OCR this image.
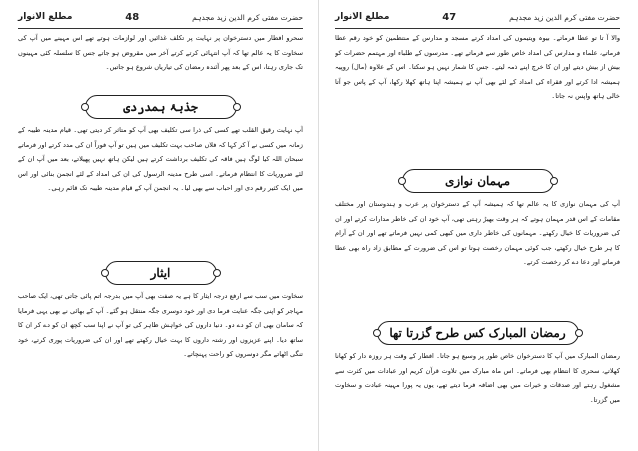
حضرت مفتی کرم الدین زید مجدہم
48
مطلع الانوار

سحرو افطار میں دسترخوان پر نہایت پر تکلف غذائیں اور لوازمات ہوتے تھے اس مہینے میں آپ کی سخاوت کا یہ عالم تھا کہ آپ انتہائی کرتے کرتے آخر میں مقروض ہو جاتے جس کا سلسلہ کئی مہینوں تک جاری رہتا، اس کے بعد پھر آئندہ رمضان کی تیاریاں شروع ہو جاتیں۔

جذبۂ ہمدردی

آپ نہایت رقیق القلب تھے کسی کی ذرا سی تکلیف بھی آپ کو متاثر کر دیتی تھی۔ قیام مدینہ طیبہ کے زمانہ میں کسی نے آ کر کہا کہ فلاں صاحب بہت تکلیف میں ہیں تو آپ فوراً ان کی مدد کرتے اور فرماتے سبحان اللہ کیا لوگ ہیں فاقہ کی تکلیف برداشت کرتے ہیں لیکن ہاتھ نہیں پھیلاتے، بعد میں آپ ان کے لئے ضروریات کا انتظام فرماتے۔ اسی طرح مدینہ الرسول کی ان کی امداد کے لئے انجمن بنائی اور اس میں ایک کثیر رقم دی اور احباب سے بھی لیا۔ یہ انجمن آپ کے قیام مدینہ طیبہ تک قائم رہی۔

ایثار

سخاوت میں سب سے ارفع درجہ ایثار کا ہے یہ صفت بھی آپ میں بدرجہ اتم پائی جاتی تھی، ایک صاحب مہاجر کو اپنی جگہ عنایت فرما دی اور خود دوسری جگہ منتقل ہو گئے۔ آپ کے بھائی نے بھی یہی فرمایا کہ سامان بھی ان کو دے دو۔ دنیا داروں کی خواہش ظاہر کی تو آپ نے اپنا سب کچھ ان کو دے کر ان کا ساتھ دیا۔ اپنے عزیزوں اور رشتہ داروں کا بہت خیال رکھتے تھے اور ان کی ضروریات پوری کرتے، خود تنگی اٹھاتے مگر دوسروں کو راحت پہنچاتے۔

حضرت مفتی کرم الدین زید مجدہم
47
مطلع الانوار

والا آ تا تو عطا فرماتے۔ بیوہ ویتیموں کی امداد کرتے مسجد و مدارس کے منتظمین کو خود رقم عطا فرماتے، علماء و مدارس کی امداد خاص طور سے فرماتے تھے۔ مدرسوں کے طلباء اور مہتمم حضرات کو بیش از بیش دیتے اور ان کا خرچ اپنے ذمہ لیتے۔ جس کا شمار نہیں ہو سکتا۔ اس کے علاوہ (مال) روپیہ ہمیشہ ادا کرتے اور فقراء کی امداد کے لئے بھی آپ نے ہمیشہ اپنا ہاتھ کھلا رکھا، آپ کے پاس جو آتا خالی ہاتھ واپس نہ جاتا۔

مہمان نوازی

آپ کی مہمان نوازی کا یہ عالم تھا کہ ہمیشہ آپ کے دسترخوان پر عرب و ہندوستان اور مختلف مقامات کے اس قدر مہمان ہوتے کہ ہر وقت بھیڑ رہتی تھی، آپ خود ان کی خاطر مدارات کرتے اور ان کی ضروریات کا خیال رکھتے۔ مہمانوں کی خاطر داری میں کبھی کمی نہیں فرماتے تھے اور ان کے آرام کا ہر طرح خیال رکھتے، جب کوئی مہمان رخصت ہوتا تو اس کی ضرورت کے مطابق زاد راہ بھی عطا فرماتے اور دعا دے کر رخصت کرتے۔

رمضان المبارک کس طرح گزرتا تھا

رمضان المبارک میں آپ کا دسترخوان خاص طور پر وسیع ہو جاتا۔ افطار کے وقت ہر روزہ دار کو کھانا کھلاتے، سحری کا انتظام بھی فرماتے۔ اس ماہ مبارک میں تلاوت قرآن کریم اور عبادات میں کثرت سے مشغول رہتے اور صدقات و خیرات میں بھی اضافہ فرما دیتے تھے، یوں یہ پورا مہینہ عبادت و سخاوت میں گزرتا۔
